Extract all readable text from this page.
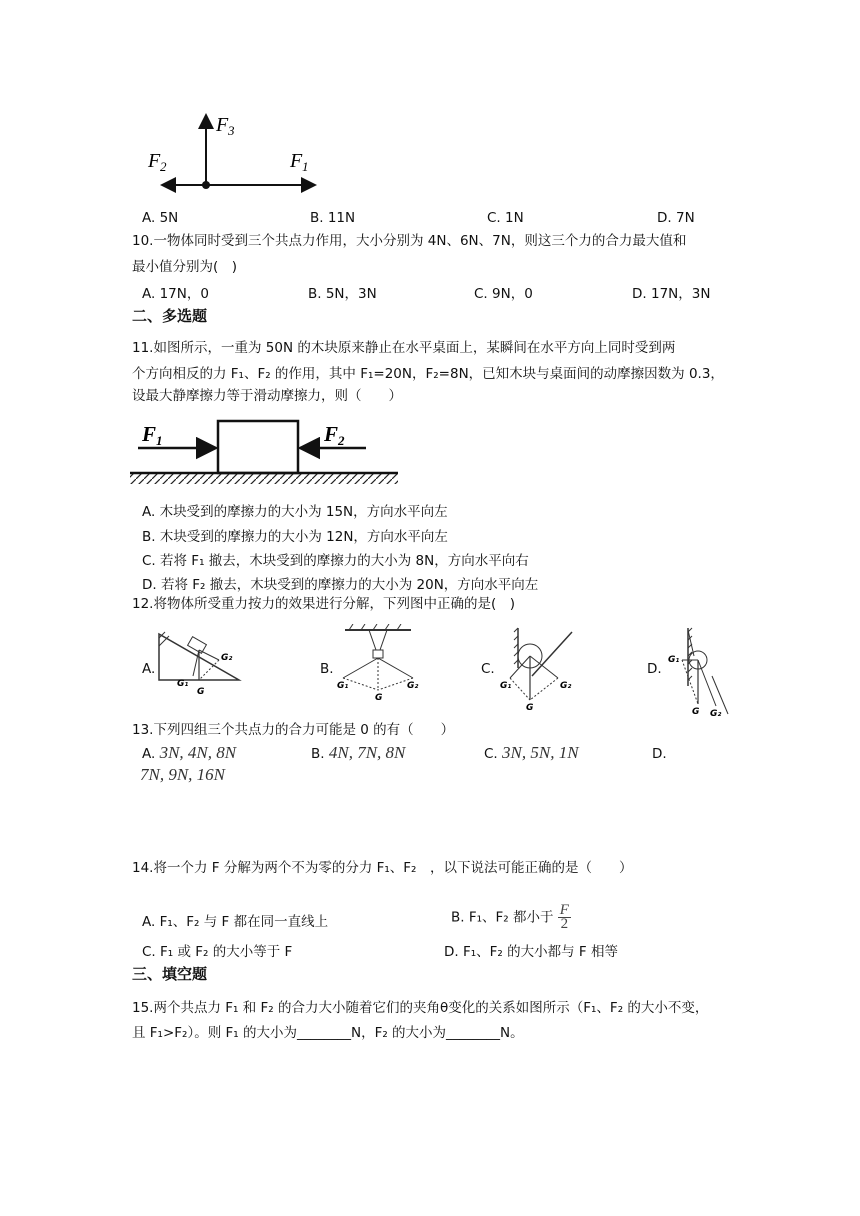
F 3
F 2	F 1
A. 5N	B. 11N	C. 1N	D. 7N
10.一物体同时受到三个共点力作用，大小分别为 4N、6N、7N，则这三个力的合力最大值和
最小值分别为(　)
A. 17N，0	B. 5N，3N	C. 9N，0	D. 17N，3N
二、多选题
11.如图所示，一重为 50N 的木块原来静止在水平桌面上，某瞬间在水平方向上同时受到两
个方向相反的力 F₁、F₂ 的作用，其中 F₁=20N，F₂=8N，已知木块与桌面间的动摩擦因数为 0.3，
设最大静摩擦力等于滑动摩擦力，则（　　）
F 1	F 2
A. 木块受到的摩擦力的大小为 15N，方向水平向左
B. 木块受到的摩擦力的大小为 12N，方向水平向左
C. 若将 F₁ 撤去，木块受到的摩擦力的大小为 8N，方向水平向右
D. 若将 F₂ 撤去，木块受到的摩擦力的大小为 20N，方向水平向左
12.将物体所受重力按力的效果进行分解，下列图中正确的是(　)
A.
G₂
G₁
G
B.
G₁	G₂
G
C.
G₁	G₂
G
D.
G₁
G G₂
13.下列四组三个共点力的合力可能是 0 的有（　　）
A. 3N, 4N, 8N	B. 4N, 7N, 8N	C. 3N, 5N, 1N	D.
7N, 9N, 16N
14.将一个力 F 分解为两个不为零的分力 F₁、F₂　，以下说法可能正确的是（　　）
A. F₁、F₂ 与 F 都在同一直线上	B. F₁、F₂ 都小于 $\frac{F}{2}$
C. F₁ 或 F₂ 的大小等于 F	D. F₁、F₂ 的大小都与 F 相等
三、填空题
15.两个共点力 F₁ 和 F₂ 的合力大小随着它们的夹角θ变化的关系如图所示（F₁、F₂ 的大小不变，
且 F₁>F₂）。则 F₁ 的大小为________N，F₂ 的大小为________N。
